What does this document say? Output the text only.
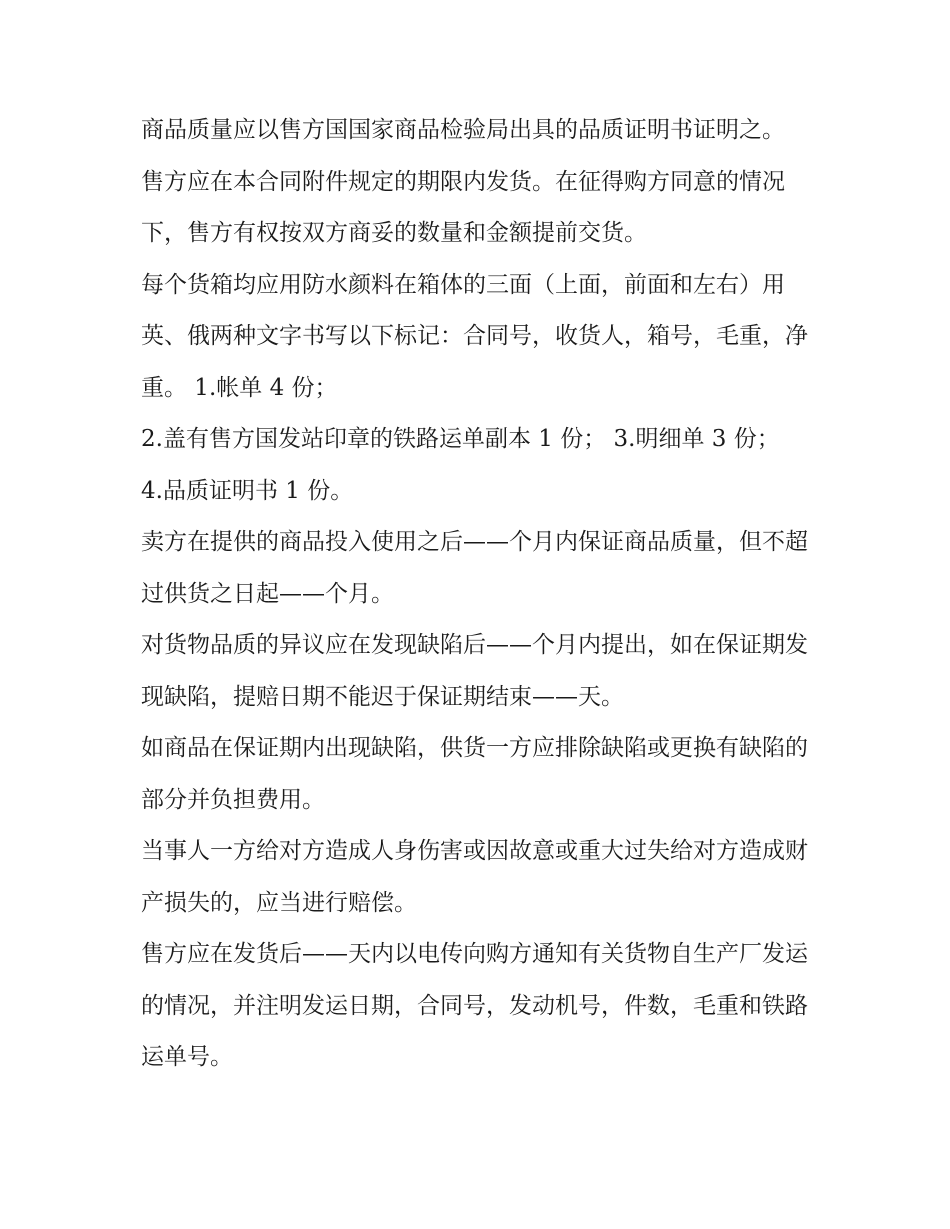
商品质量应以售方国国家商品检验局出具的品质证明书证明之。

售方应在本合同附件规定的期限内发货。在征得购方同意的情况下，售方有权按双方商妥的数量和金额提前交货。

每个货箱均应用防水颜料在箱体的三面（上面，前面和左右）用英、俄两种文字书写以下标记：合同号，收货人，箱号，毛重，净重。 1.帐单 4 份；

2.盖有售方国发站印章的铁路运单副本 1 份； 3.明细单 3 份；

4.品质证明书 1 份。

卖方在提供的商品投入使用之后——个月内保证商品质量，但不超过供货之日起——个月。

对货物品质的异议应在发现缺陷后——个月内提出，如在保证期发现缺陷，提赔日期不能迟于保证期结束——天。

如商品在保证期内出现缺陷，供货一方应排除缺陷或更换有缺陷的部分并负担费用。

当事人一方给对方造成人身伤害或因故意或重大过失给对方造成财产损失的，应当进行赔偿。

售方应在发货后——天内以电传向购方通知有关货物自生产厂发运的情况，并注明发运日期，合同号，发动机号，件数，毛重和铁路运单号。
